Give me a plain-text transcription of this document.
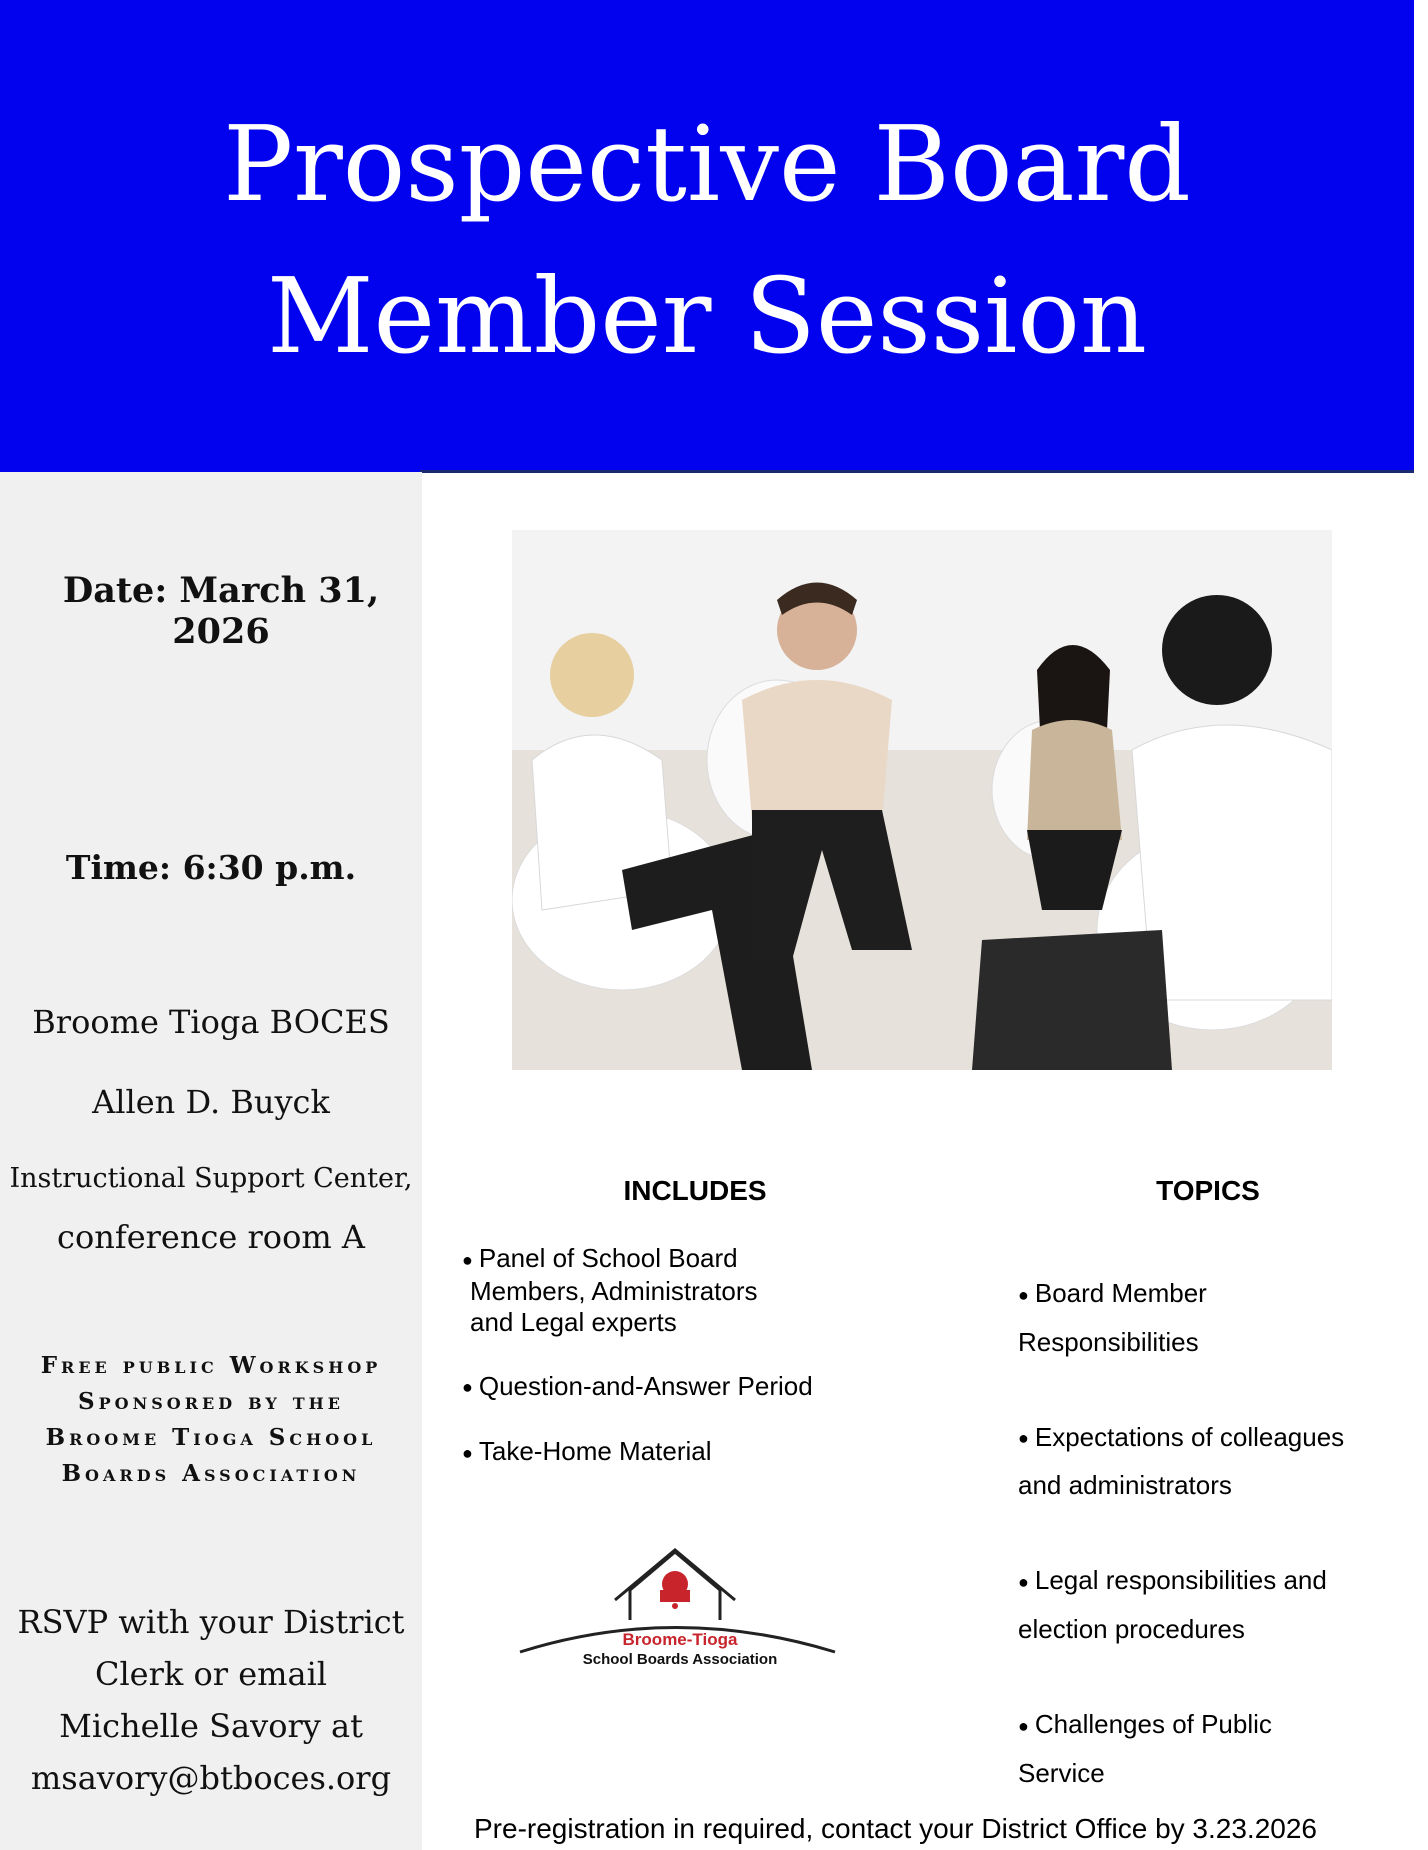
Prospective Board
Member Session
Date: March 31, 2026
Time: 6:30 p.m.
Broome Tioga BOCES
Allen D. Buyck
Instructional Support Center,
conference room A
Free public Workshop
Sponsored by the
Broome Tioga School
Boards Association
RSVP with your District
Clerk or email
Michelle Savory at
msavory@btboces.org
INCLUDES	TOPICS
● Panel of School Board
Members, Administrators
and Legal experts
● Question-and-Answer Period
● Take-Home Material
● Board Member
Responsibilities
● Expectations of colleagues
and administrators
● Legal responsibilities and
election procedures
● Challenges of Public
Service
Broome-Tioga
School Boards Association
Pre-registration in required, contact your District Office by 3.23.2026
